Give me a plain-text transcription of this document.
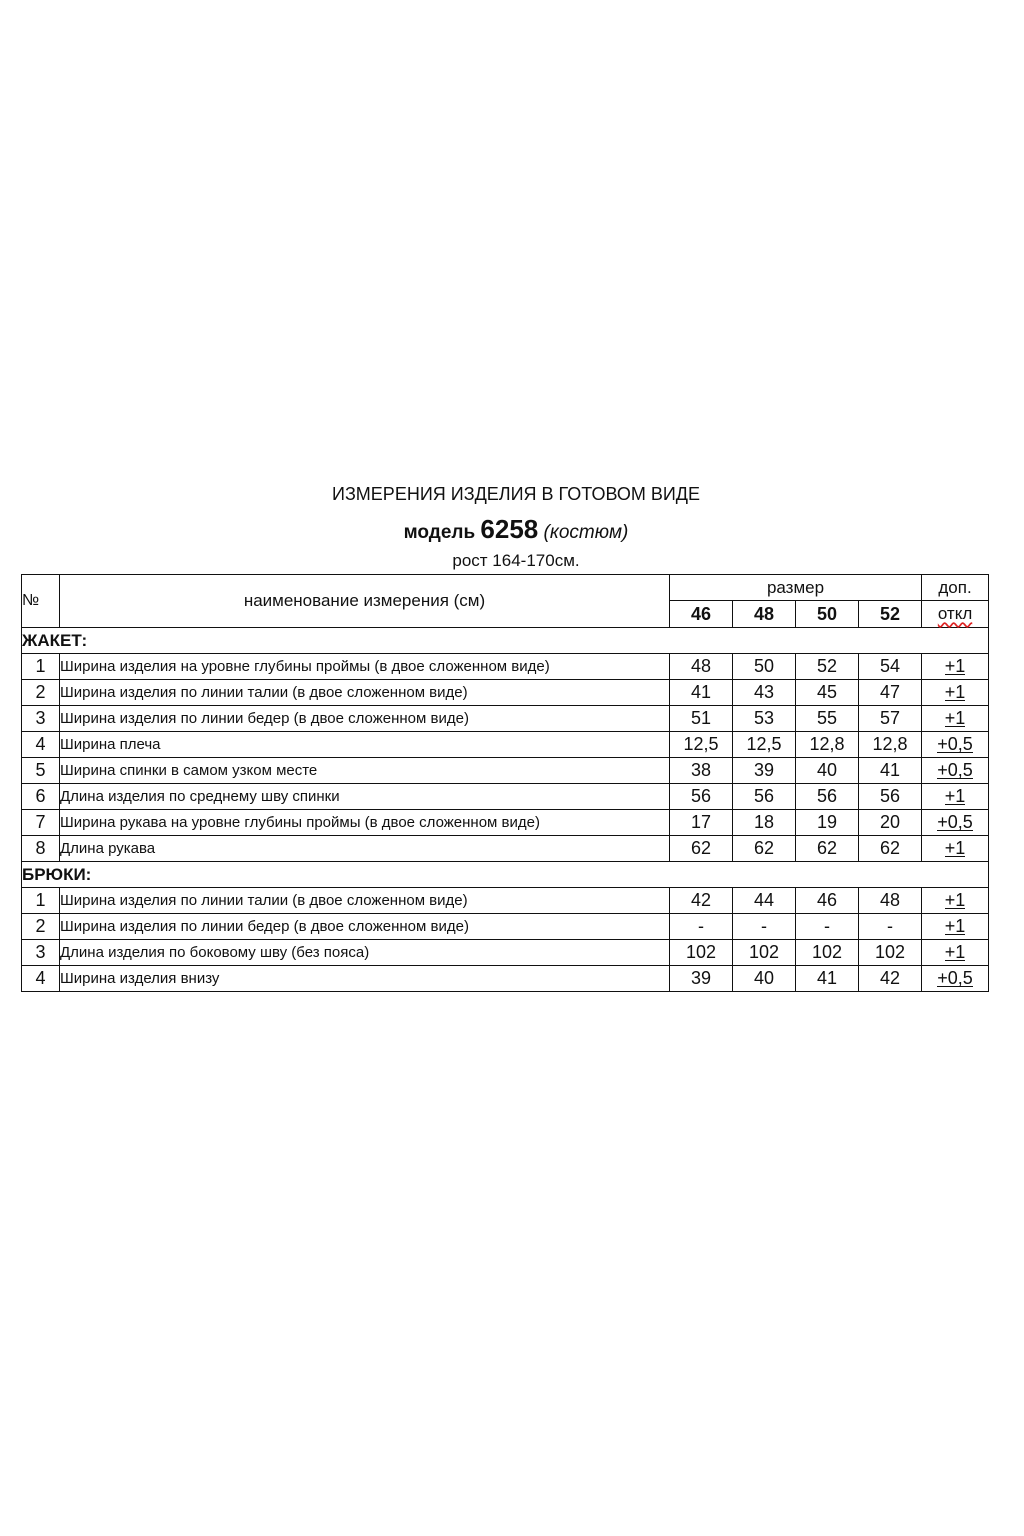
ИЗМЕРЕНИЯ ИЗДЕЛИЯ В ГОТОВОМ ВИДЕ
модель 6258 (костюм)
рост 164-170см.
№	наименование измерения (см)	размер				доп.
		46	48	50	52	откл
ЖАКЕТ:						
1	Ширина изделия на уровне глубины проймы (в двое сложенном виде)	48	50	52	54	+1
2	Ширина изделия по линии талии (в двое сложенном виде)	41	43	45	47	+1
3	Ширина изделия по линии бедер (в двое сложенном виде)	51	53	55	57	+1
4	Ширина плеча	12,5	12,5	12,8	12,8	+0,5
5	Ширина спинки в самом узком месте	38	39	40	41	+0,5
6	Длина изделия по среднему шву спинки	56	56	56	56	+1
7	Ширина рукава на уровне глубины проймы (в двое сложенном виде)	17	18	19	20	+0,5
8	Длина рукава	62	62	62	62	+1
БРЮКИ:						
1	Ширина изделия по линии талии (в двое сложенном виде)	42	44	46	48	+1
2	Ширина изделия по линии бедер (в двое сложенном виде)	-	-	-	-	+1
3	Длина изделия по боковому шву (без пояса)	102	102	102	102	+1
4	Ширина изделия внизу	39	40	41	42	+0,5
